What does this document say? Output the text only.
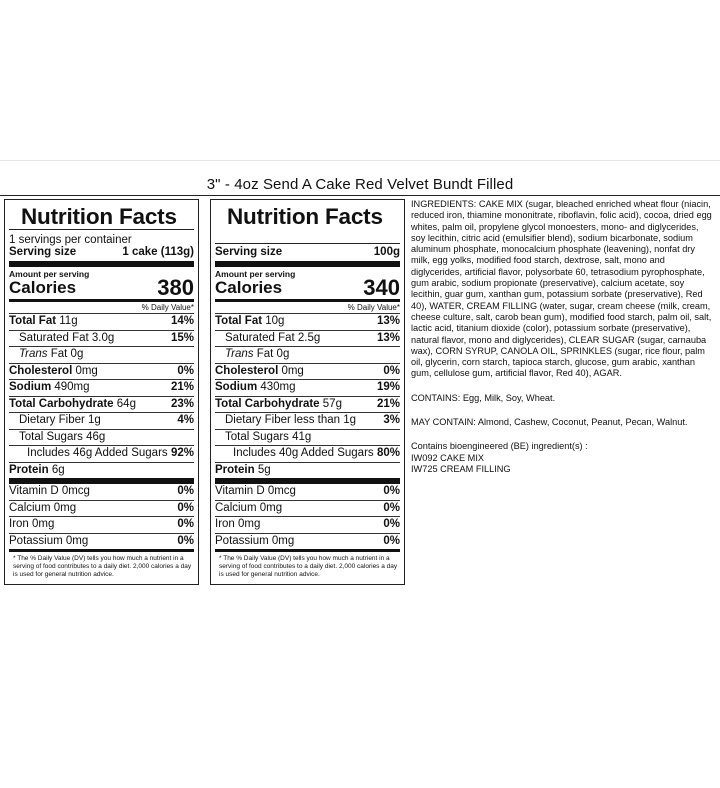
3" - 4oz Send A Cake Red Velvet Bundt Filled
Nutrition Facts
1 servings per container
Serving size	1 cake (113g)
Amount per serving
Calories	380
% Daily Value*
Total Fat 11g	14%
Saturated Fat 3.0g	15%
Trans Fat 0g
Cholesterol 0mg	0%
Sodium 490mg	21%
Total Carbohydrate 64g	23%
Dietary Fiber 1g	4%
Total Sugars 46g
Includes 46g Added Sugars 92%
Protein 6g
Vitamin D 0mcg	0%
Calcium 0mg	0%
Iron 0mg	0%
Potassium 0mg	0%
* The % Daily Value (DV) tells you how much a nutrient in a serving of food contributes to a daily diet. 2,000 calories a day is used for general nutrition advice.
Nutrition Facts
Serving size	100g
Amount per serving
Calories	340
% Daily Value*
Total Fat 10g	13%
Saturated Fat 2.5g	13%
Trans Fat 0g
Cholesterol 0mg	0%
Sodium 430mg	19%
Total Carbohydrate 57g	21%
Dietary Fiber less than 1g 3%
Total Sugars 41g
Includes 40g Added Sugars 80%
Protein 5g
Vitamin D 0mcg	0%
Calcium 0mg	0%
Iron 0mg	0%
Potassium 0mg	0%
* The % Daily Value (DV) tells you how much a nutrient in a serving of food contributes to a daily diet. 2,000 calories a day is used for general nutrition advice.

INGREDIENTS: CAKE MIX (sugar, bleached enriched wheat flour (niacin, reduced iron, thiamine mononitrate, riboflavin, folic acid), cocoa, dried egg whites, palm oil, propylene glycol monoesters, mono- and diglycerides, soy lecithin, citric acid (emulsifier blend), sodium bicarbonate, sodium aluminum phosphate, monocalcium phosphate (leavening), nonfat dry milk, egg yolks, modified food starch, dextrose, salt, mono and diglycerides, artificial flavor, polysorbate 60, tetrasodium pyrophosphate, gum arabic, sodium propionate (preservative), calcium acetate, soy lecithin, guar gum, xanthan gum, potassium sorbate (preservative), Red 40), WATER, CREAM FILLING (water, sugar, cream cheese (milk, cream, cheese culture, salt, carob bean gum), modified food starch, palm oil, salt, lactic acid, titanium dioxide (color), potassium sorbate (preservative), natural flavor, mono and diglycerides), CLEAR SUGAR (sugar, carnauba wax), CORN SYRUP, CANOLA OIL, SPRINKLES (sugar, rice flour, palm oil, glycerin, corn starch, tapioca starch, glucose, gum arabic, xanthan gum, cellulose gum, artificial flavor, Red 40), AGAR.

CONTAINS: Egg, Milk, Soy, Wheat.

MAY CONTAIN: Almond, Cashew, Coconut, Peanut, Pecan, Walnut.

Contains bioengineered (BE) ingredient(s) :

IW092 CAKE MIX

IW725 CREAM FILLING
